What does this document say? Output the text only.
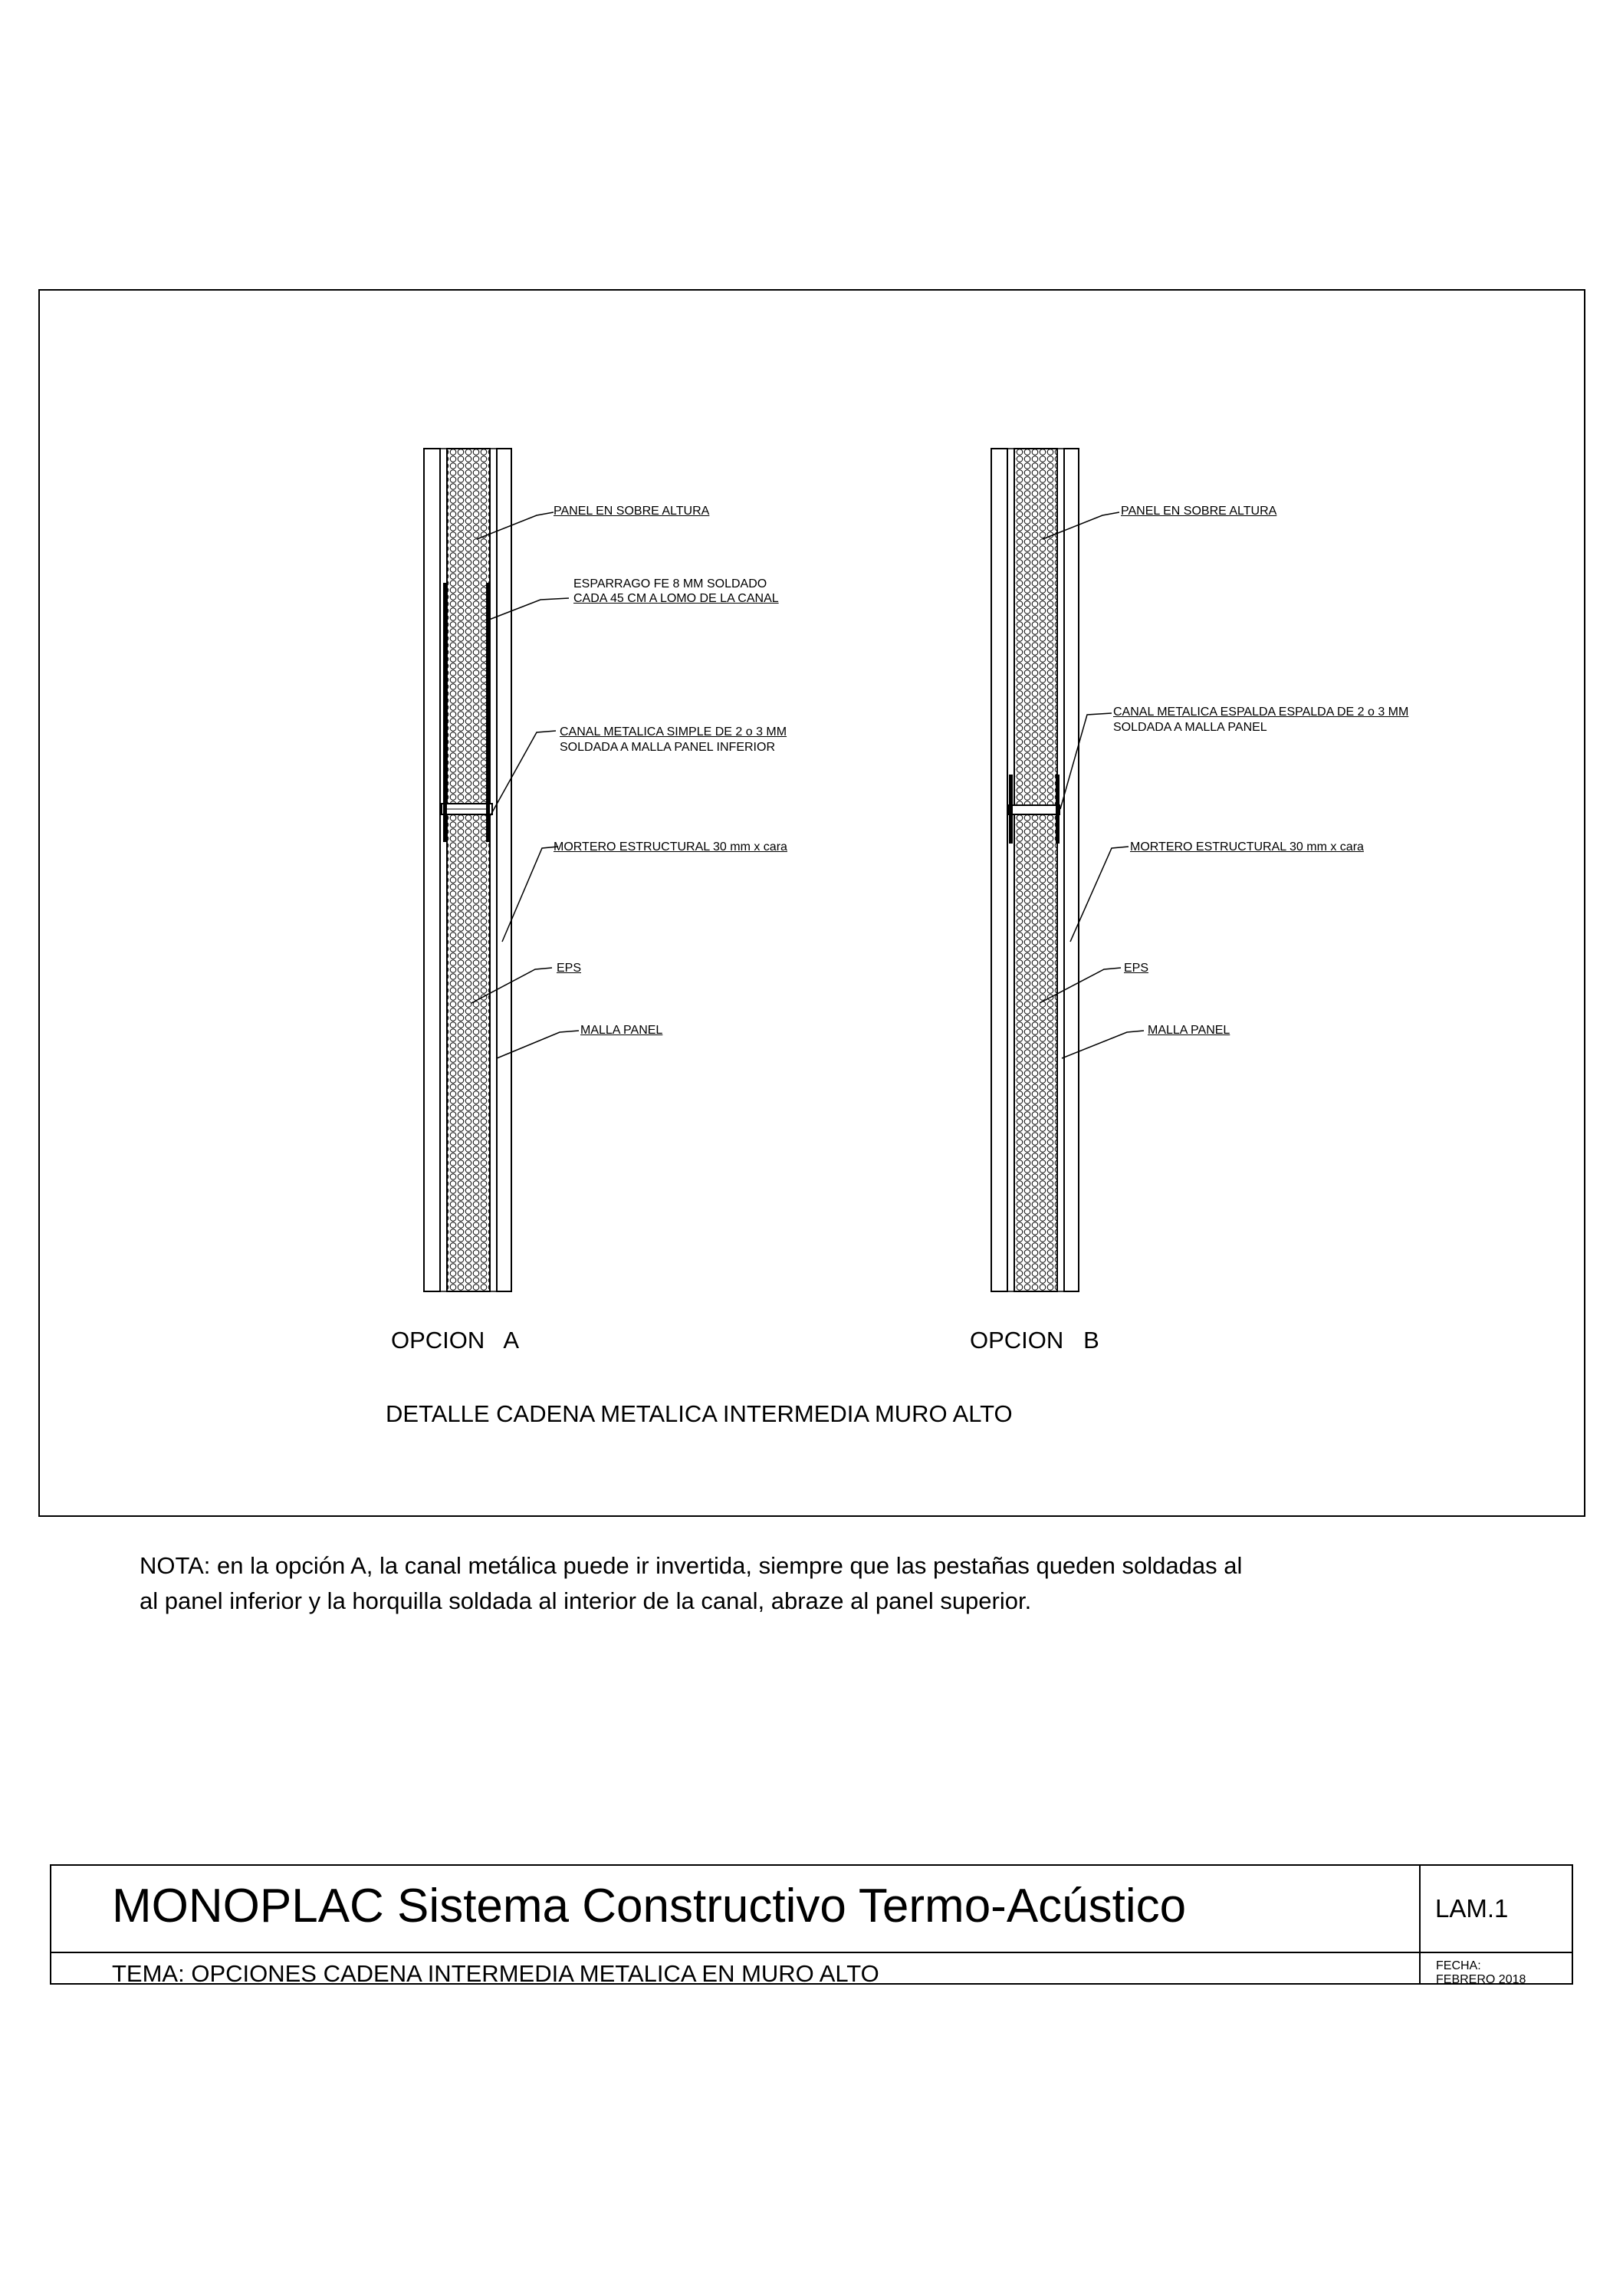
PANEL EN SOBRE ALTURA
ESPARRAGO FE 8 MM SOLDADO
CADA 45 CM A LOMO DE LA CANAL
CANAL METALICA SIMPLE DE 2 o 3 MM
SOLDADA A MALLA PANEL INFERIOR
MORTERO ESTRUCTURAL 30 mm x cara
EPS
MALLA PANEL
PANEL EN SOBRE ALTURA
CANAL METALICA ESPALDA ESPALDA DE 2 o 3 MM
SOLDADA A MALLA PANEL
MORTERO ESTRUCTURAL 30 mm x cara
EPS
MALLA PANEL
OPCION   A	OPCION   B
DETALLE CADENA METALICA INTERMEDIA MURO ALTO
NOTA: en la opción A, la canal metálica puede ir invertida, siempre que las pestañas queden soldadas al
al panel inferior y la horquilla soldada al interior de la canal, abraze al panel superior.
MONOPLAC Sistema Constructivo Termo-Acústico
TEMA: OPCIONES CADENA INTERMEDIA METALICA EN MURO ALTO
LAM.1
FECHA:
FEBRERO 2018
